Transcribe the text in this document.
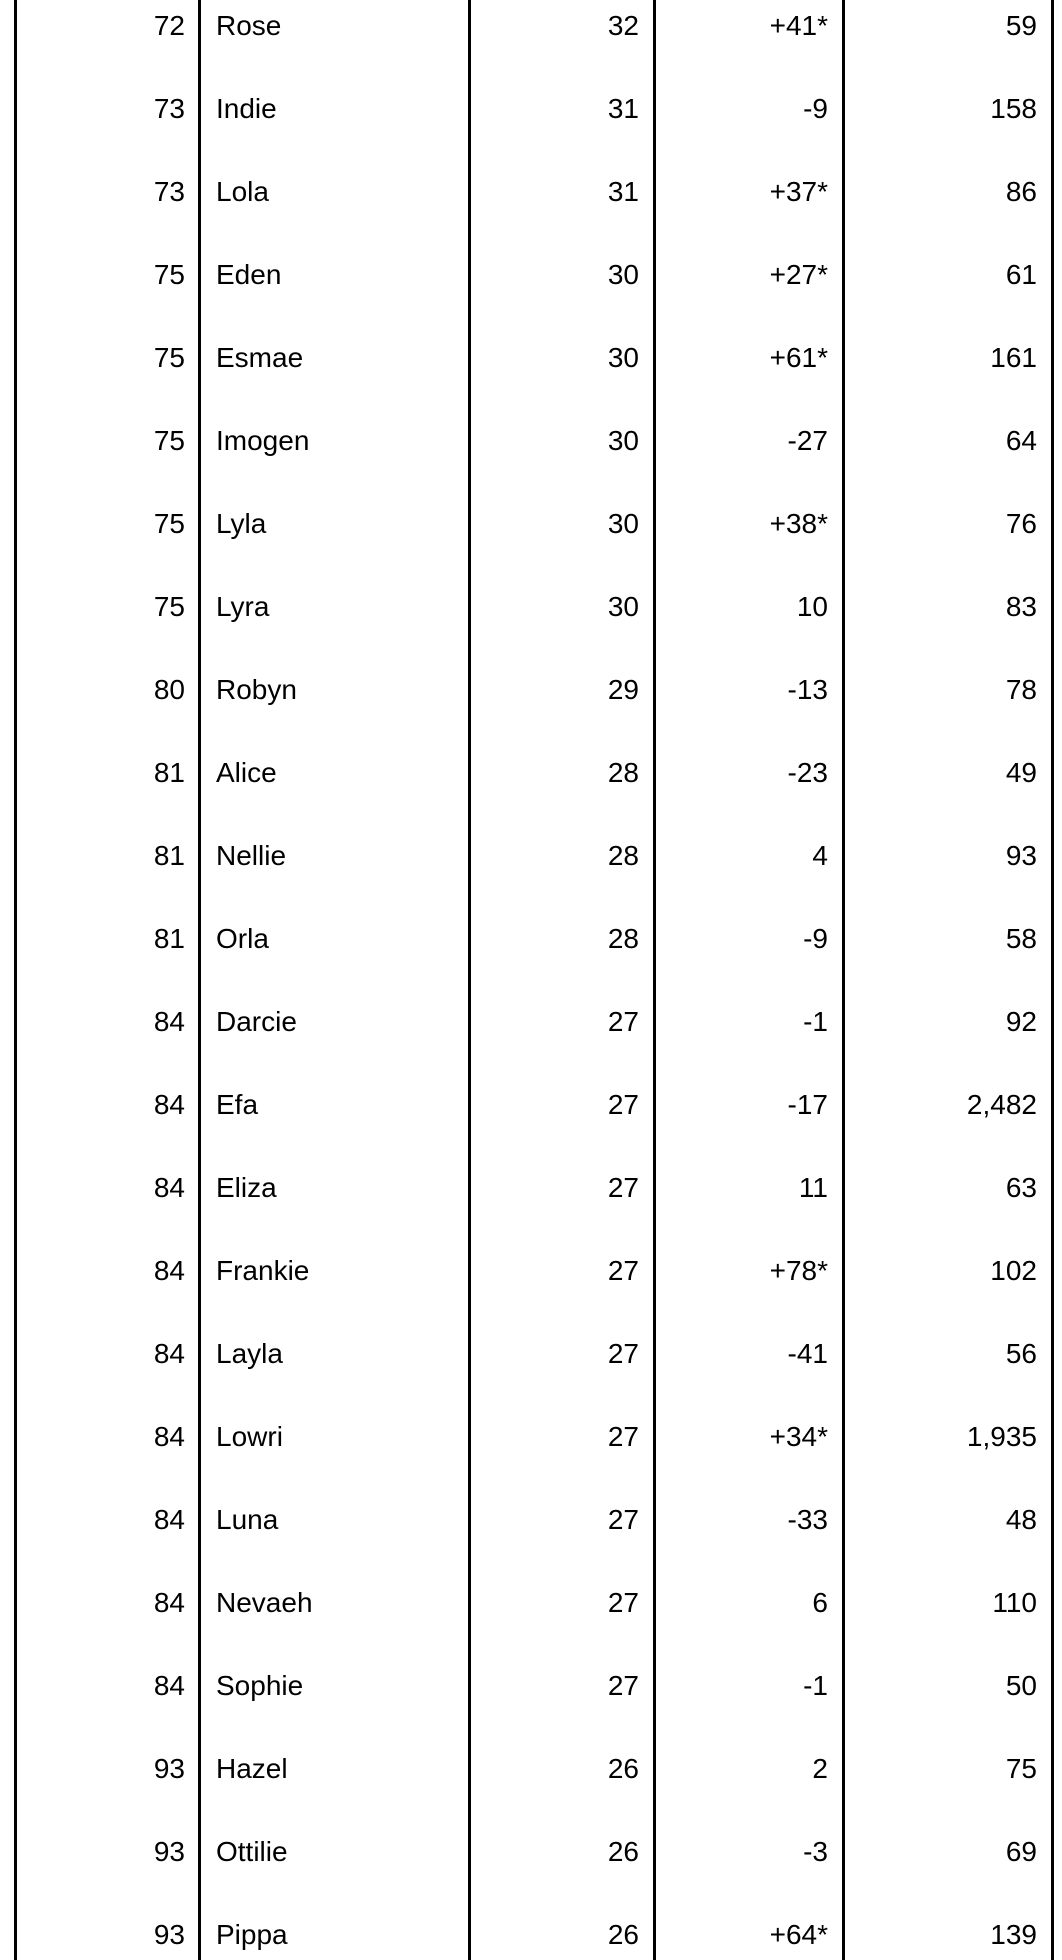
72	Rose	32	+41*	59
73	Indie	31	-9	158
73	Lola	31	+37*	86
75	Eden	30	+27*	61
75	Esmae	30	+61*	161
75	Imogen	30	-27	64
75	Lyla	30	+38*	76
75	Lyra	30	10	83
80	Robyn	29	-13	78
81	Alice	28	-23	49
81	Nellie	28	4	93
81	Orla	28	-9	58
84	Darcie	27	-1	92
84	Efa	27	-17	2,482
84	Eliza	27	11	63
84	Frankie	27	+78*	102
84	Layla	27	-41	56
84	Lowri	27	+34*	1,935
84	Luna	27	-33	48
84	Nevaeh	27	6	110
84	Sophie	27	-1	50
93	Hazel	26	2	75
93	Ottilie	26	-3	69
93	Pippa	26	+64*	139
